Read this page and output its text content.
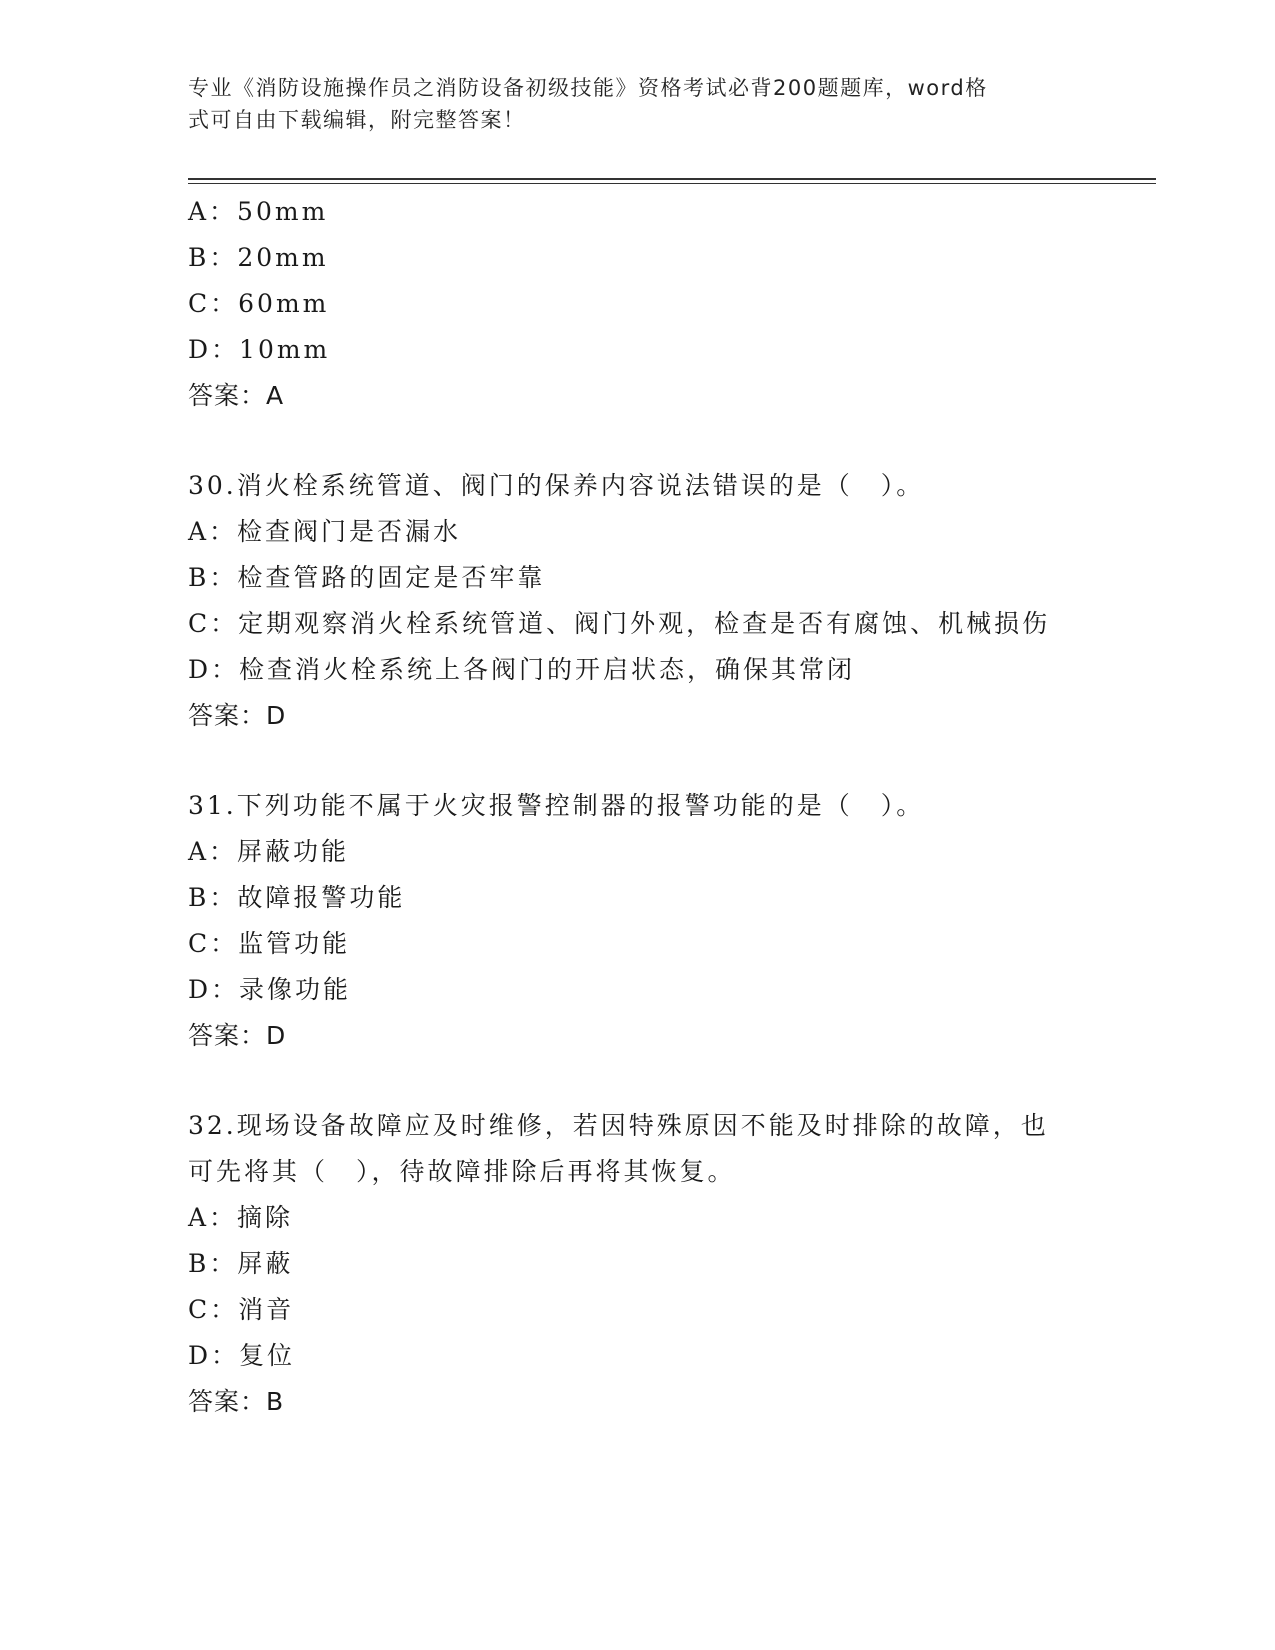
专业《消防设施操作员之消防设备初级技能》资格考试必背200题题库，word格
式可自由下载编辑，附完整答案！
A：50mm
B：20mm
C：60mm
D：10mm
答案：A
30.消火栓系统管道、阀门的保养内容说法错误的是（　）。
A：检查阀门是否漏水
B：检查管路的固定是否牢靠
C：定期观察消火栓系统管道、阀门外观，检查是否有腐蚀、机械损伤
D：检查消火栓系统上各阀门的开启状态，确保其常闭
答案：D
31.下列功能不属于火灾报警控制器的报警功能的是（　）。
A：屏蔽功能
B：故障报警功能
C：监管功能
D：录像功能
答案：D
32.现场设备故障应及时维修，若因特殊原因不能及时排除的故障，也
可先将其（　），待故障排除后再将其恢复。
A：摘除
B：屏蔽
C：消音
D：复位
答案：B
